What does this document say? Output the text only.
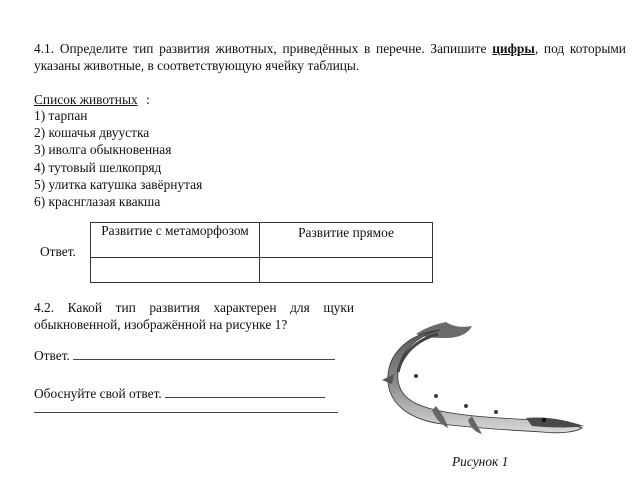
4.1. Определите тип развития животных, приведённых в перечне. Запишите цифры, под которыми указаны животные, в соответствующую ячейку таблицы.
Список животных :
1) тарпан
2) кошачья двуустка
3) иволга обыкновенная
4) тутовый шелкопряд
5) улитка катушка завёрнутая
6) краснглазая квакша
Ответ.
Развитие с метаморфозом	Развитие прямое

4.2. Какой тип развития характерен для щуки обыкновенной, изображённой на рисунке 1?
Ответ.
Обоснуйте свой ответ.
Рисунок 1
